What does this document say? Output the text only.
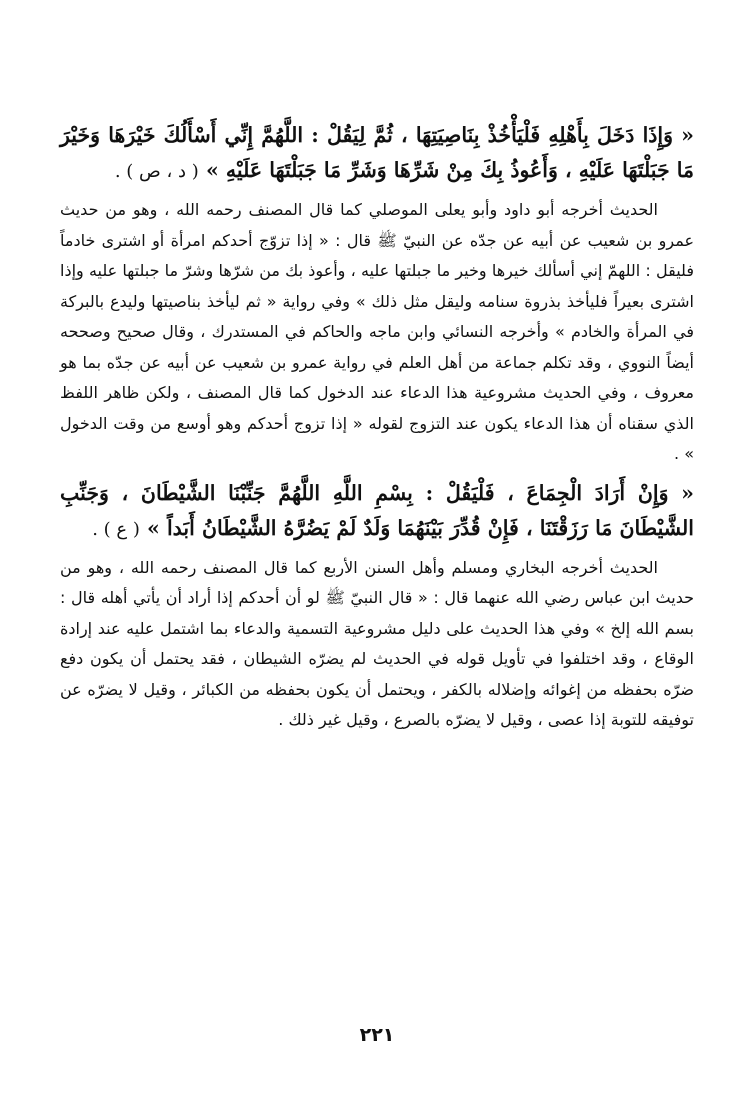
« وَإِذَا دَخَلَ بِأَهْلِهِ فَلْيَأْخُذْ بِنَاصِيَتِهَا ، ثُمَّ لِيَقُلْ : اللَّهُمَّ إِنِّي أَسْأَلُكَ خَيْرَهَا وَخَيْرَ مَا جَبَلْتَهَا عَلَيْهِ ، وَأَعُوذُ بِكَ مِنْ شَرِّهَا وَشَرِّ مَا جَبَلْتَهَا عَلَيْهِ » ( د ، ص ) .

الحديث أخرجه أبو داود وأبو يعلى الموصلي كما قال المصنف رحمه الله ، وهو من حديث عمرو بن شعيب عن أبيه عن جدّه عن النبيّ ﷺ قال : « إذا تزوّج أحدكم امرأة أو اشترى خادماً فليقل : اللهمّ إني أسألك خيرها وخير ما جبلتها عليه ، وأعوذ بك من شرّها وشرّ ما جبلتها عليه وإذا اشترى بعيراً فليأخذ بذروة سنامه وليقل مثل ذلك » وفي رواية « ثم ليأخذ بناصيتها وليدع بالبركة في المرأة والخادم » وأخرجه النسائي وابن ماجه والحاكم في المستدرك ، وقال صحيح وصححه أيضاً النووي ، وقد تكلم جماعة من أهل العلم في رواية عمرو بن شعيب عن أبيه عن جدّه بما هو معروف ، وفي الحديث مشروعية هذا الدعاء عند الدخول كما قال المصنف ، ولكن ظاهر اللفظ الذي سقناه أن هذا الدعاء يكون عند التزوج لقوله « إذا تزوج أحدكم وهو أوسع من وقت الدخول » .

« وَإِنْ أَرَادَ الْجِمَاعَ ، فَلْيَقُلْ : بِسْمِ اللَّهِ اللَّهُمَّ جَنِّبْنَا الشَّيْطَانَ ، وَجَنِّبِ الشَّيْطَانَ مَا رَزَقْتَنَا ، فَإِنْ قُدِّرَ بَيْنَهُمَا وَلَدٌ لَمْ يَضُرَّهُ الشَّيْطَانُ أَبَداً » ( ع ) .

الحديث أخرجه البخاري ومسلم وأهل السنن الأربع كما قال المصنف رحمه الله ، وهو من حديث ابن عباس رضي الله عنهما قال : « قال النبيّ ﷺ لو أن أحدكم إذا أراد أن يأتي أهله قال : بسم الله إلخ » وفي هذا الحديث على دليل مشروعية التسمية والدعاء بما اشتمل عليه عند إرادة الوقاع ، وقد اختلفوا في تأويل قوله في الحديث لم يضرّه الشيطان ، فقد يحتمل أن يكون دفع ضرّه بحفظه من إغوائه وإضلاله بالكفر ، ويحتمل أن يكون بحفظه من الكبائر ، وقيل لا يضرّه عن توفيقه للتوبة إذا عصى ، وقيل لا يضرّه بالصرع ، وقيل غير ذلك .

٢٢١
